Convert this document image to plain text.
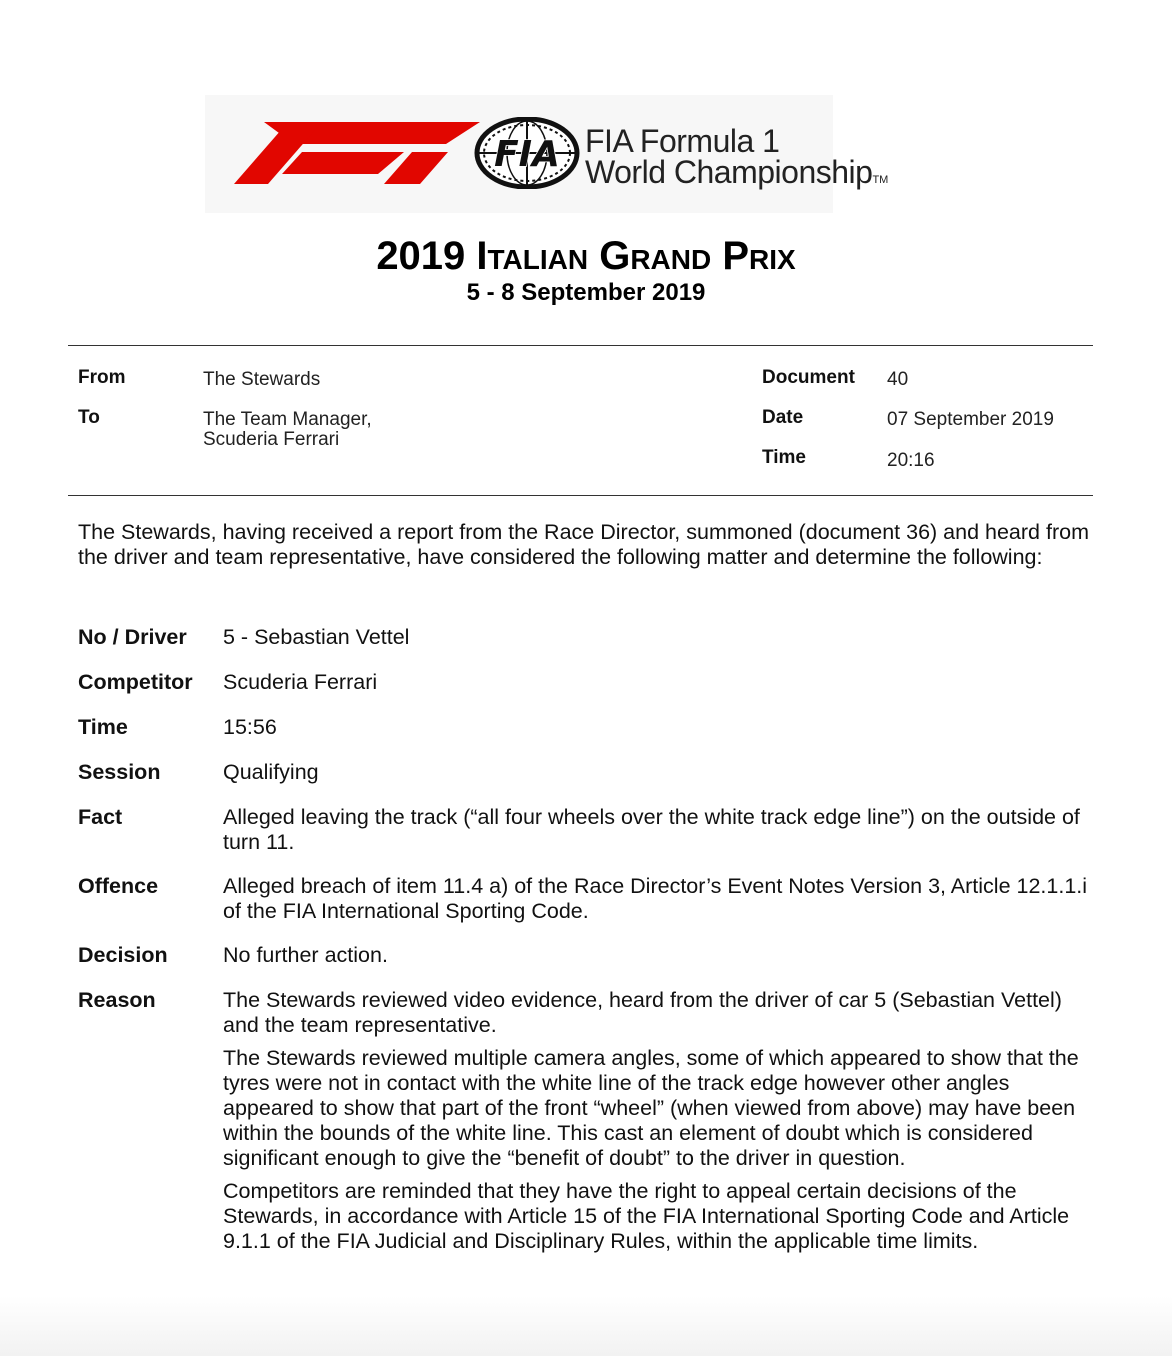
FIA FIA Formula 1
World ChampionshipTM
2019 Italian Grand Prix
5 - 8 September 2019
From	The Stewards
To	The Team Manager,
Scuderia Ferrari
Document 40
Date	07 September 2019
Time	20:16

The Stewards, having received a report from the Race Director, summoned (document 36) and heard from the driver and team representative, have considered the following matter and determine the following:

No / Driver 5 - Sebastian Vettel
Competitor Scuderia Ferrari
Time	15:56
Session	Qualifying
Fact	Alleged leaving the track (“all four wheels over the white track edge line”) on the outside of turn 11.
Offence	Alleged breach of item 11.4 a) of the Race Director’s Event Notes Version 3, Article 12.1.1.i of the FIA International Sporting Code.
Decision	No further action.
Reason	The Stewards reviewed video evidence, heard from the driver of car 5 (Sebastian Vettel) and the team representative.

The Stewards reviewed multiple camera angles, some of which appeared to show that the tyres were not in contact with the white line of the track edge however other angles appeared to show that part of the front “wheel” (when viewed from above) may have been within the bounds of the white line. This cast an element of doubt which is considered significant enough to give the “benefit of doubt” to the driver in question.

Competitors are reminded that they have the right to appeal certain decisions of the Stewards, in accordance with Article 15 of the FIA International Sporting Code and Article 9.1.1 of the FIA Judicial and Disciplinary Rules, within the applicable time limits.
